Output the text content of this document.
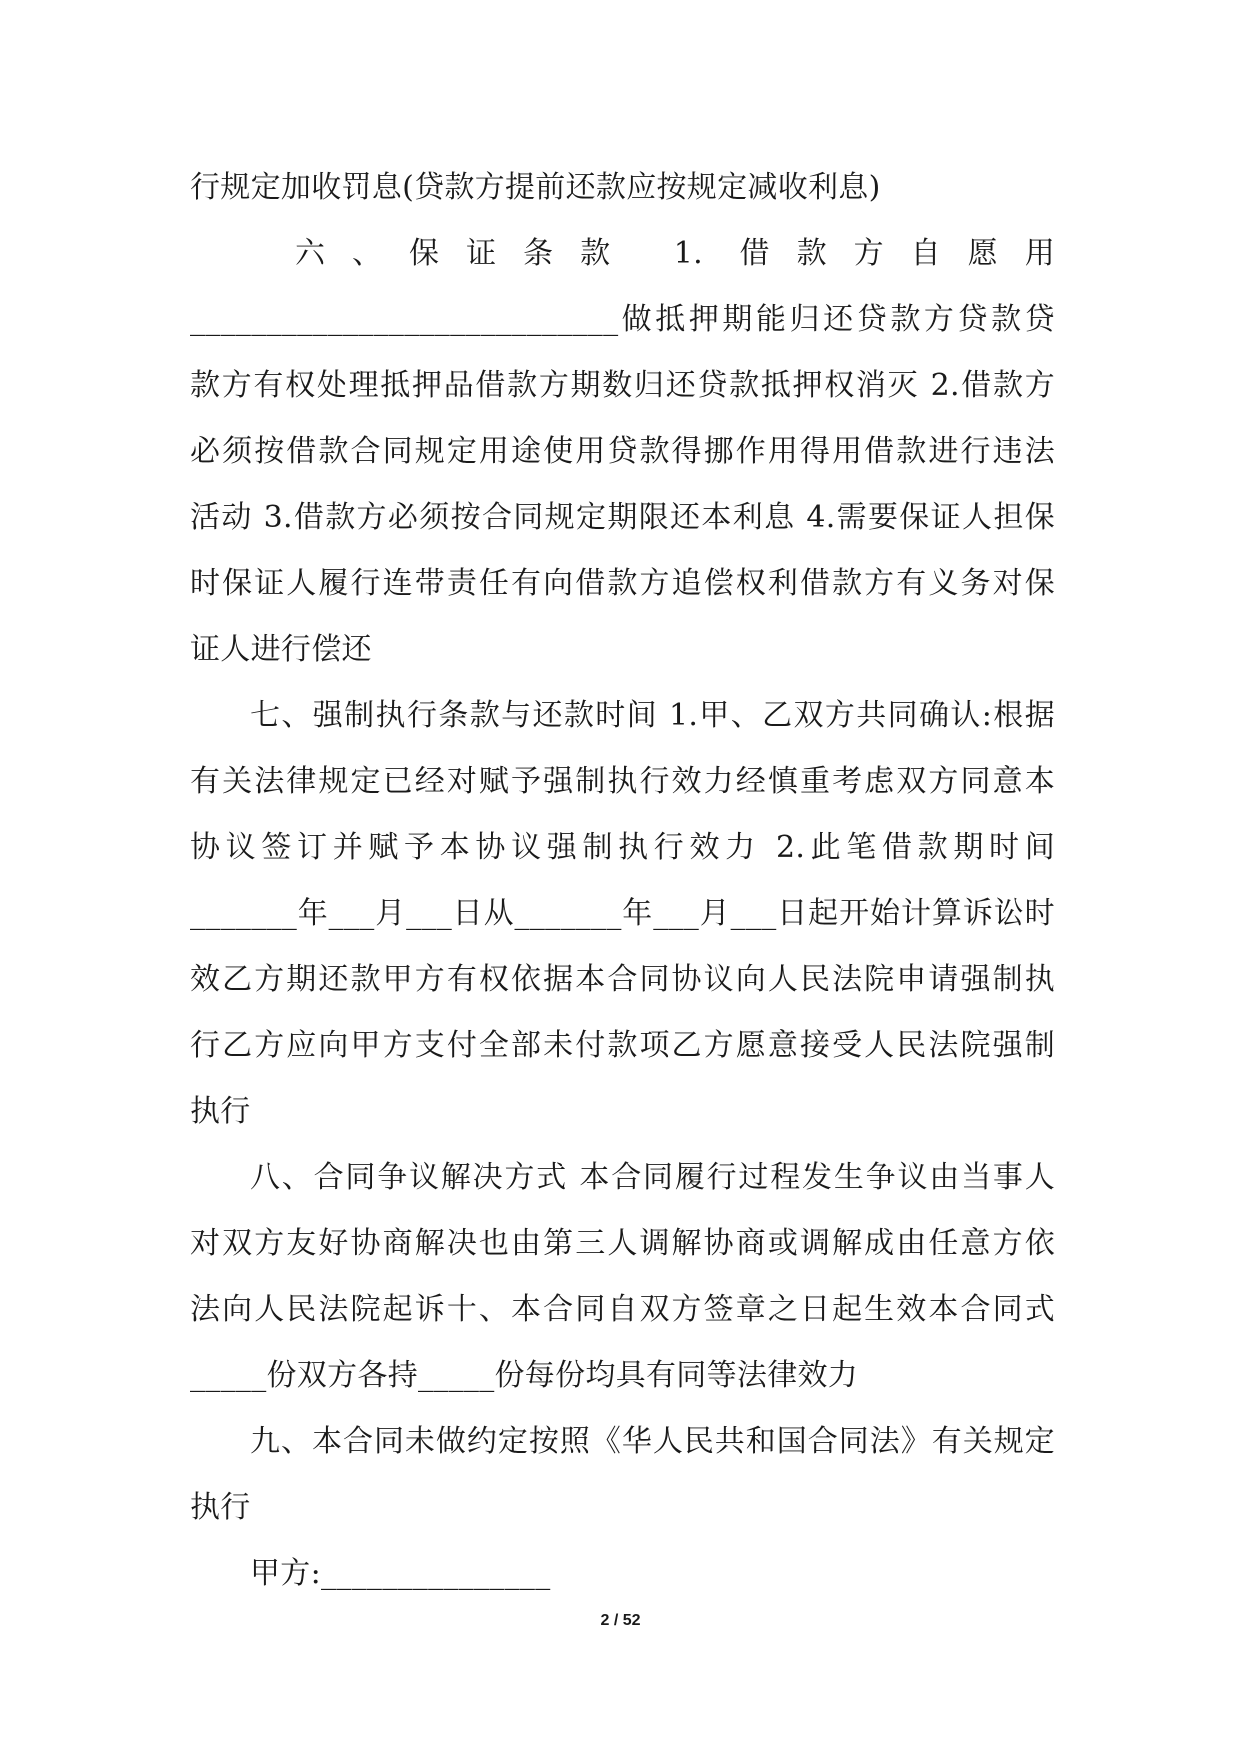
行规定加收罚息(贷款方提前还款应按规定减收利息)
六、保证条款 1. 借款方自愿用
____________________________做抵押期能归还贷款方贷款贷
款方有权处理抵押品借款方期数归还贷款抵押权消灭 2.借款方
必须按借款合同规定用途使用贷款得挪作用得用借款进行违法
活动 3.借款方必须按合同规定期限还本利息 4.需要保证人担保
时保证人履行连带责任有向借款方追偿权利借款方有义务对保
证人进行偿还
七、强制执行条款与还款时间 1.甲、乙双方共同确认:根据
有关法律规定已经对赋予强制执行效力经慎重考虑双方同意本
协议签订并赋予本协议强制执行效力 2.此笔借款期时间
_______年___月___日从_______年___月___日起开始计算诉讼时
效乙方期还款甲方有权依据本合同协议向人民法院申请强制执
行乙方应向甲方支付全部未付款项乙方愿意接受人民法院强制
执行
八、合同争议解决方式 本合同履行过程发生争议由当事人
对双方友好协商解决也由第三人调解协商或调解成由任意方依
法向人民法院起诉十、本合同自双方签章之日起生效本合同式
_____份双方各持_____份每份均具有同等法律效力
九、本合同未做约定按照《华人民共和国合同法》有关规定
执行
甲方:_______________
2 / 52
